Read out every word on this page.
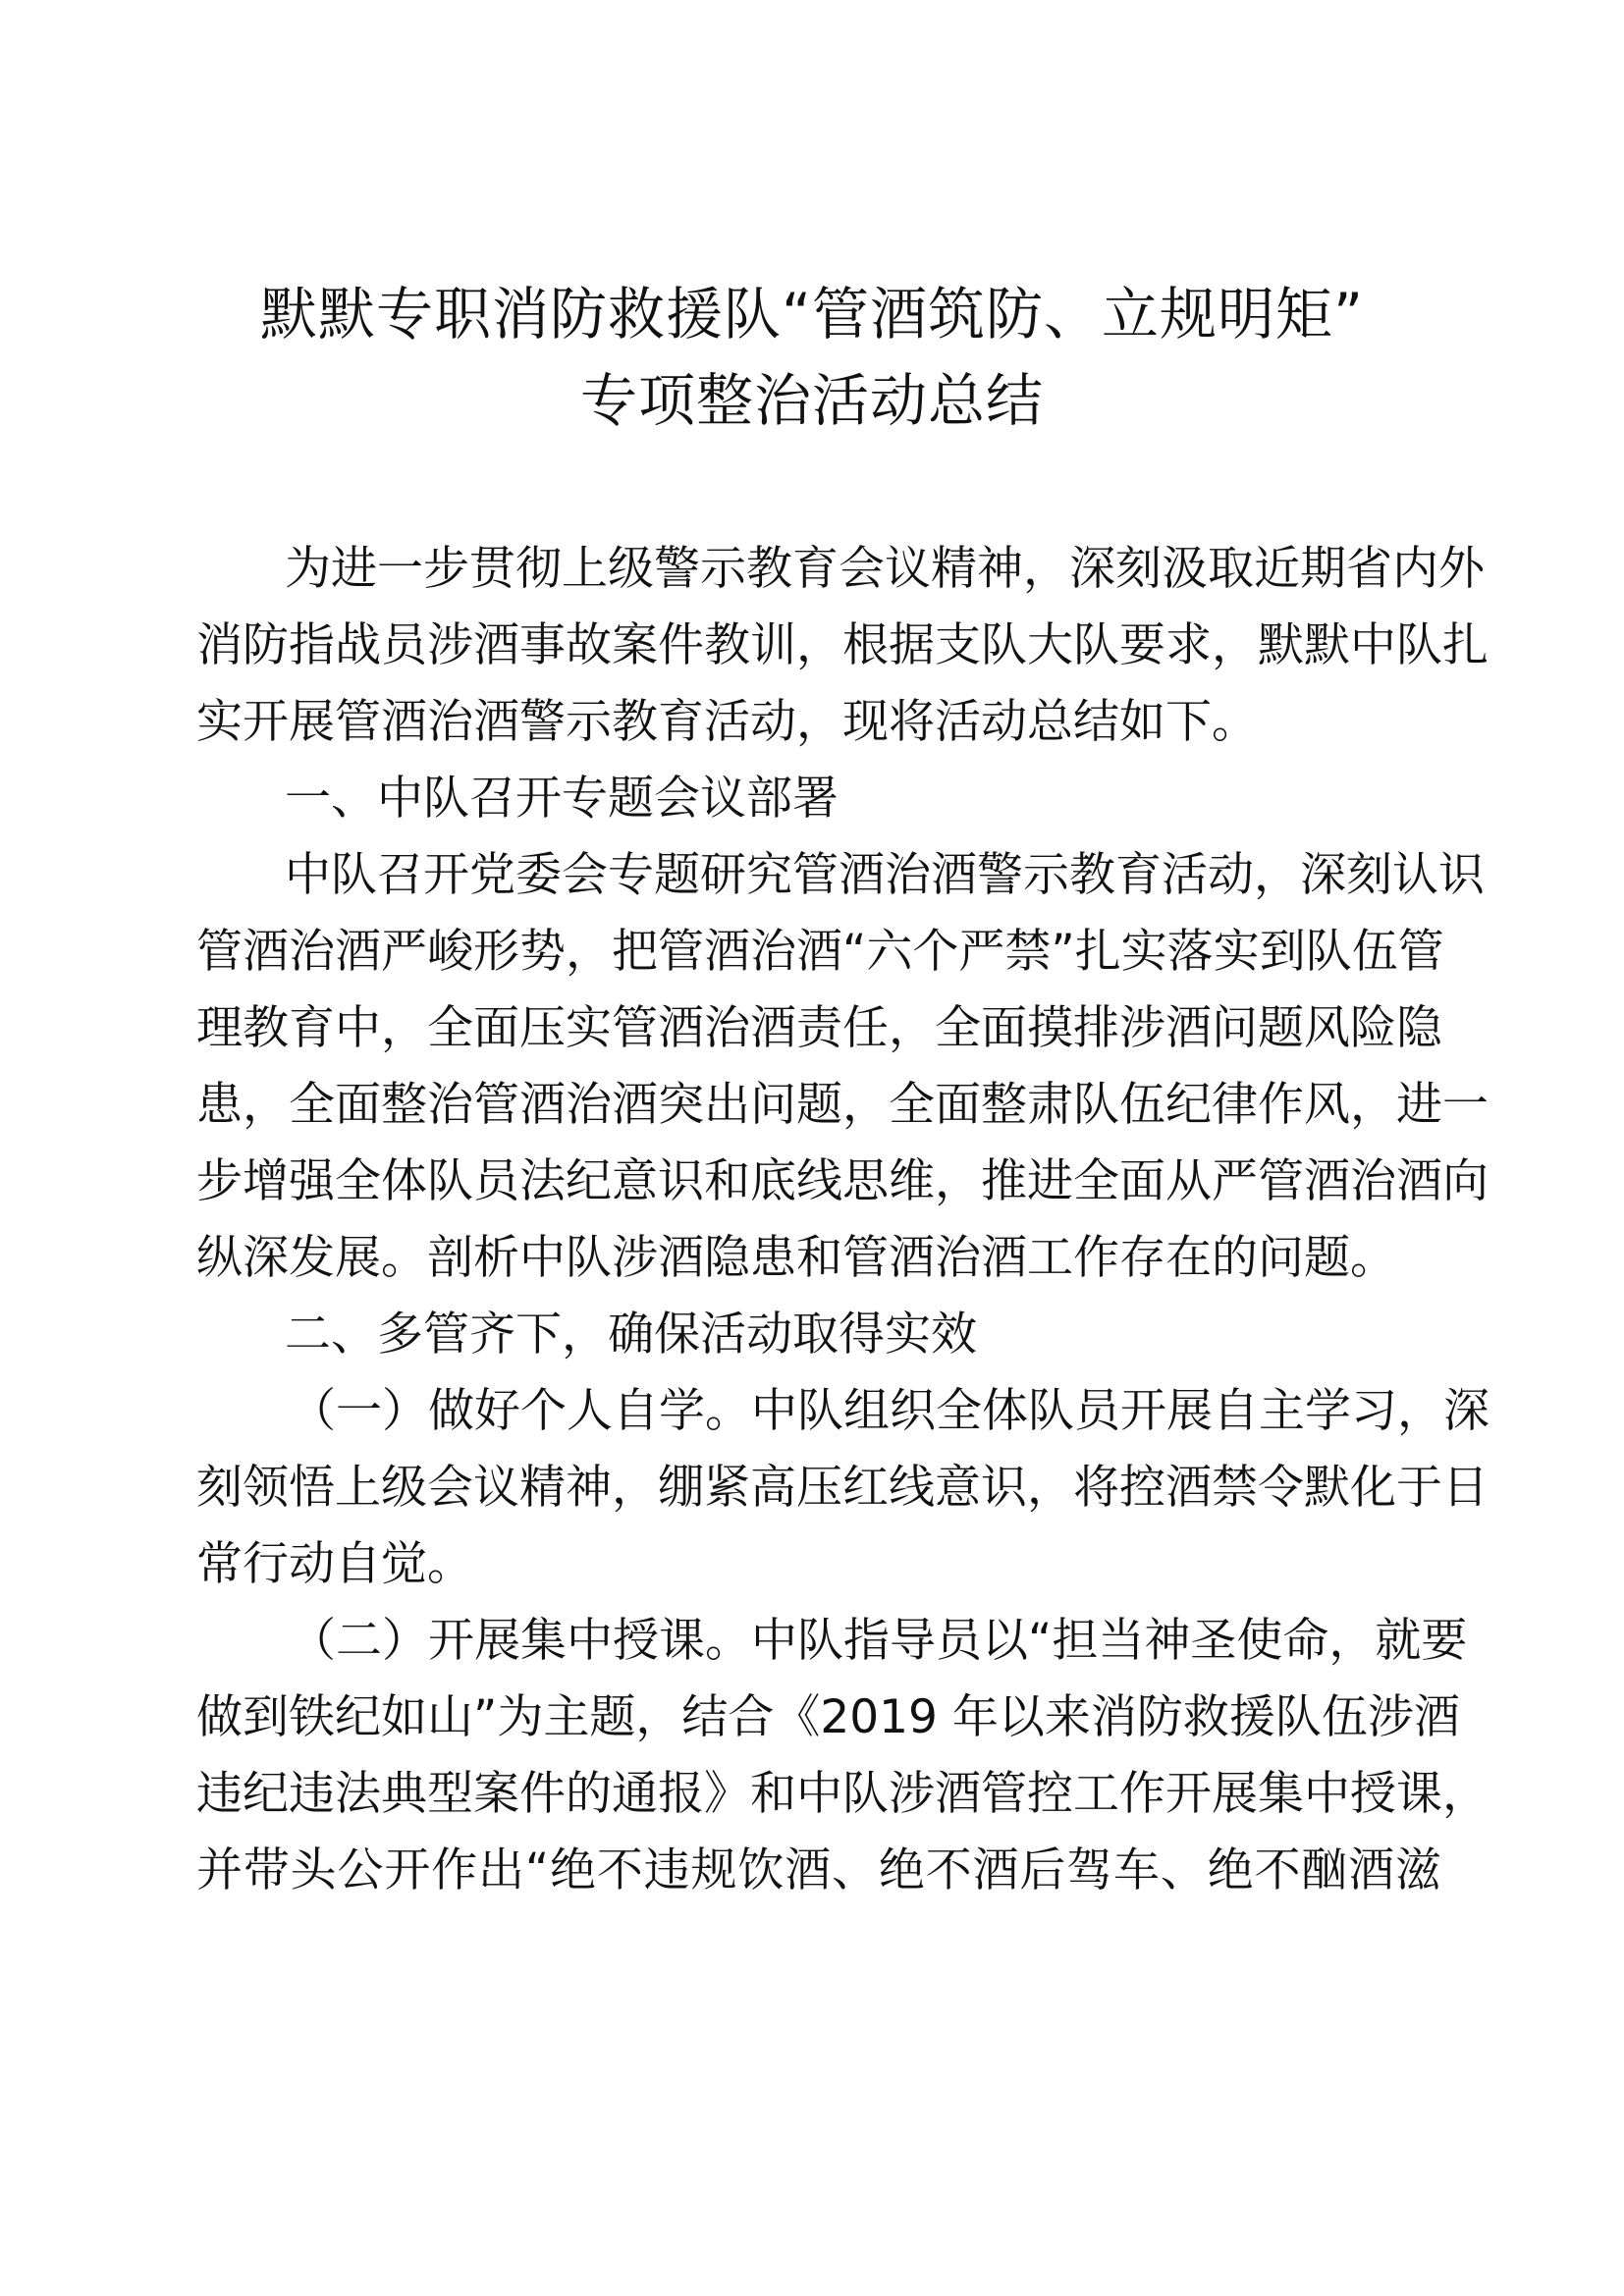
默默专职消防救援队“管酒筑防、立规明矩”
专项整治活动总结
为进一步贯彻上级警示教育会议精神，深刻汲取近期省内外
消防指战员涉酒事故案件教训，根据支队大队要求，默默中队扎
实开展管酒治酒警示教育活动，现将活动总结如下。
一、中队召开专题会议部署
中队召开党委会专题研究管酒治酒警示教育活动，深刻认识
管酒治酒严峻形势，把管酒治酒“六个严禁”扎实落实到队伍管
理教育中，全面压实管酒治酒责任，全面摸排涉酒问题风险隐
患，全面整治管酒治酒突出问题，全面整肃队伍纪律作风，进一
步增强全体队员法纪意识和底线思维，推进全面从严管酒治酒向
纵深发展。剖析中队涉酒隐患和管酒治酒工作存在的问题。
二、多管齐下，确保活动取得实效
（一）做好个人自学。中队组织全体队员开展自主学习，深
刻领悟上级会议精神，绷紧高压红线意识，将控酒禁令默化于日
常行动自觉。
（二）开展集中授课。中队指导员以“担当神圣使命，就要
做到铁纪如山”为主题，结合《2019 年以来消防救援队伍涉酒
违纪违法典型案件的通报》和中队涉酒管控工作开展集中授课，
并带头公开作出“绝不违规饮酒、绝不酒后驾车、绝不酗酒滋
